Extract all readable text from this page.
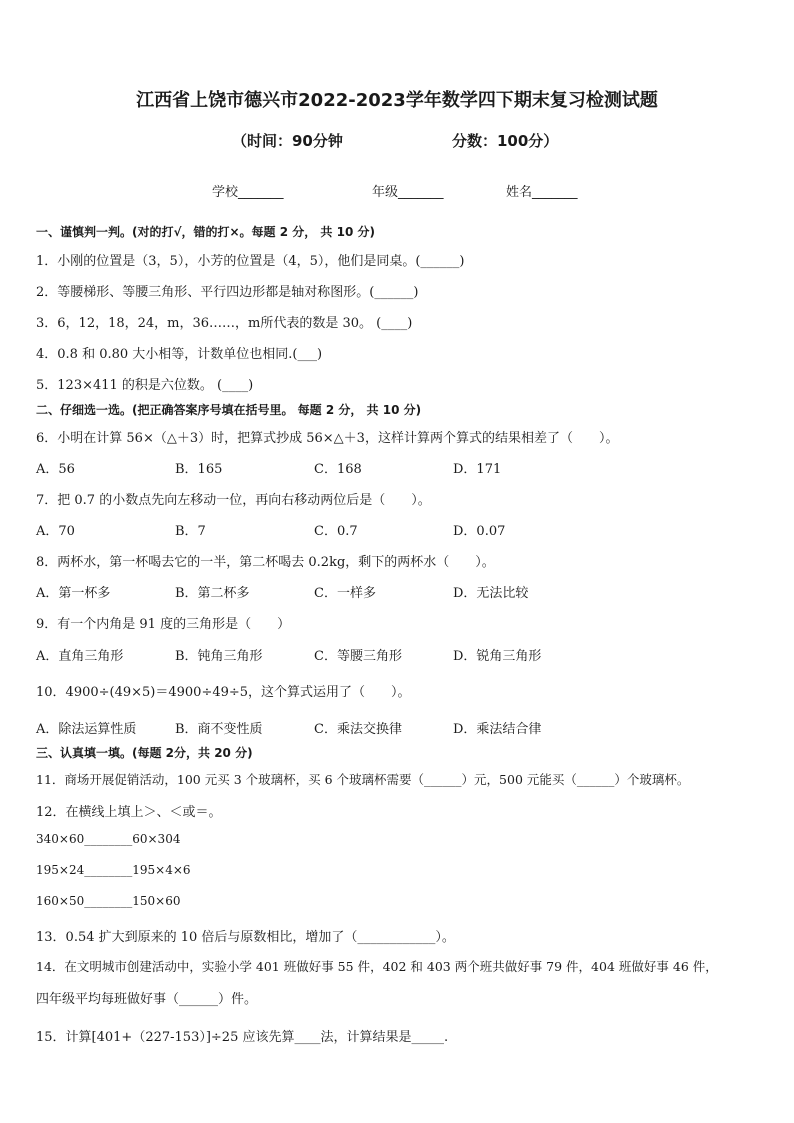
江西省上饶市德兴市2022-2023学年数学四下期末复习检测试题
（时间：90分钟	分数：100分）
学校_______	年级_______	姓名_______
一、谨慎判一判。(对的打√，错的打×。每题 2 分， 共 10 分)
1．小刚的位置是（3，5），小芳的位置是（4，5），他们是同桌。(______)
2．等腰梯形、等腰三角形、平行四边形都是轴对称图形。(______)
3．6，12，18，24，m，36……，m所代表的数是 30。 (____)
4．0.8 和 0.80 大小相等，计数单位也相同.(___)
5．123×411 的积是六位数。 (____)
二、仔细选一选。(把正确答案序号填在括号里。 每题 2 分， 共 10 分)
6．小明在计算 56×（△＋3）时，把算式抄成 56×△＋3，这样计算两个算式的结果相差了（　　）。
A．56	B．165	C．168	D．171
7．把 0.7 的小数点先向左移动一位，再向右移动两位后是（　　）。
A．70	B．7	C．0.7	D．0.07
8．两杯水，第一杯喝去它的一半，第二杯喝去 0.2kg，剩下的两杯水（　　）。
A．第一杯多	B．第二杯多	C．一样多	D．无法比较
9．有一个内角是 91 度的三角形是（　　）
A．直角三角形	B．钝角三角形	C．等腰三角形	D．锐角三角形
10．4900÷(49×5)＝4900÷49÷5，这个算式运用了（　　）。
A．除法运算性质	B．商不变性质	C．乘法交换律	D．乘法结合律
三、认真填一填。(每题 2分，共 20 分)
11．商场开展促销活动，100 元买 3 个玻璃杯，买 6 个玻璃杯需要（______）元，500 元能买（______）个玻璃杯。
12．在横线上填上＞、＜或＝。
340×60________60×304
195×24________195×4×6
160×50________150×60
13．0.54 扩大到原来的 10 倍后与原数相比，增加了（____________）。
14．在文明城市创建活动中，实验小学 401 班做好事 55 件，402 和 403 两个班共做好事 79 件，404 班做好事 46 件，
四年级平均每班做好事（______）件。
15．计算[401+（227-153）]÷25 应该先算____法，计算结果是_____.
